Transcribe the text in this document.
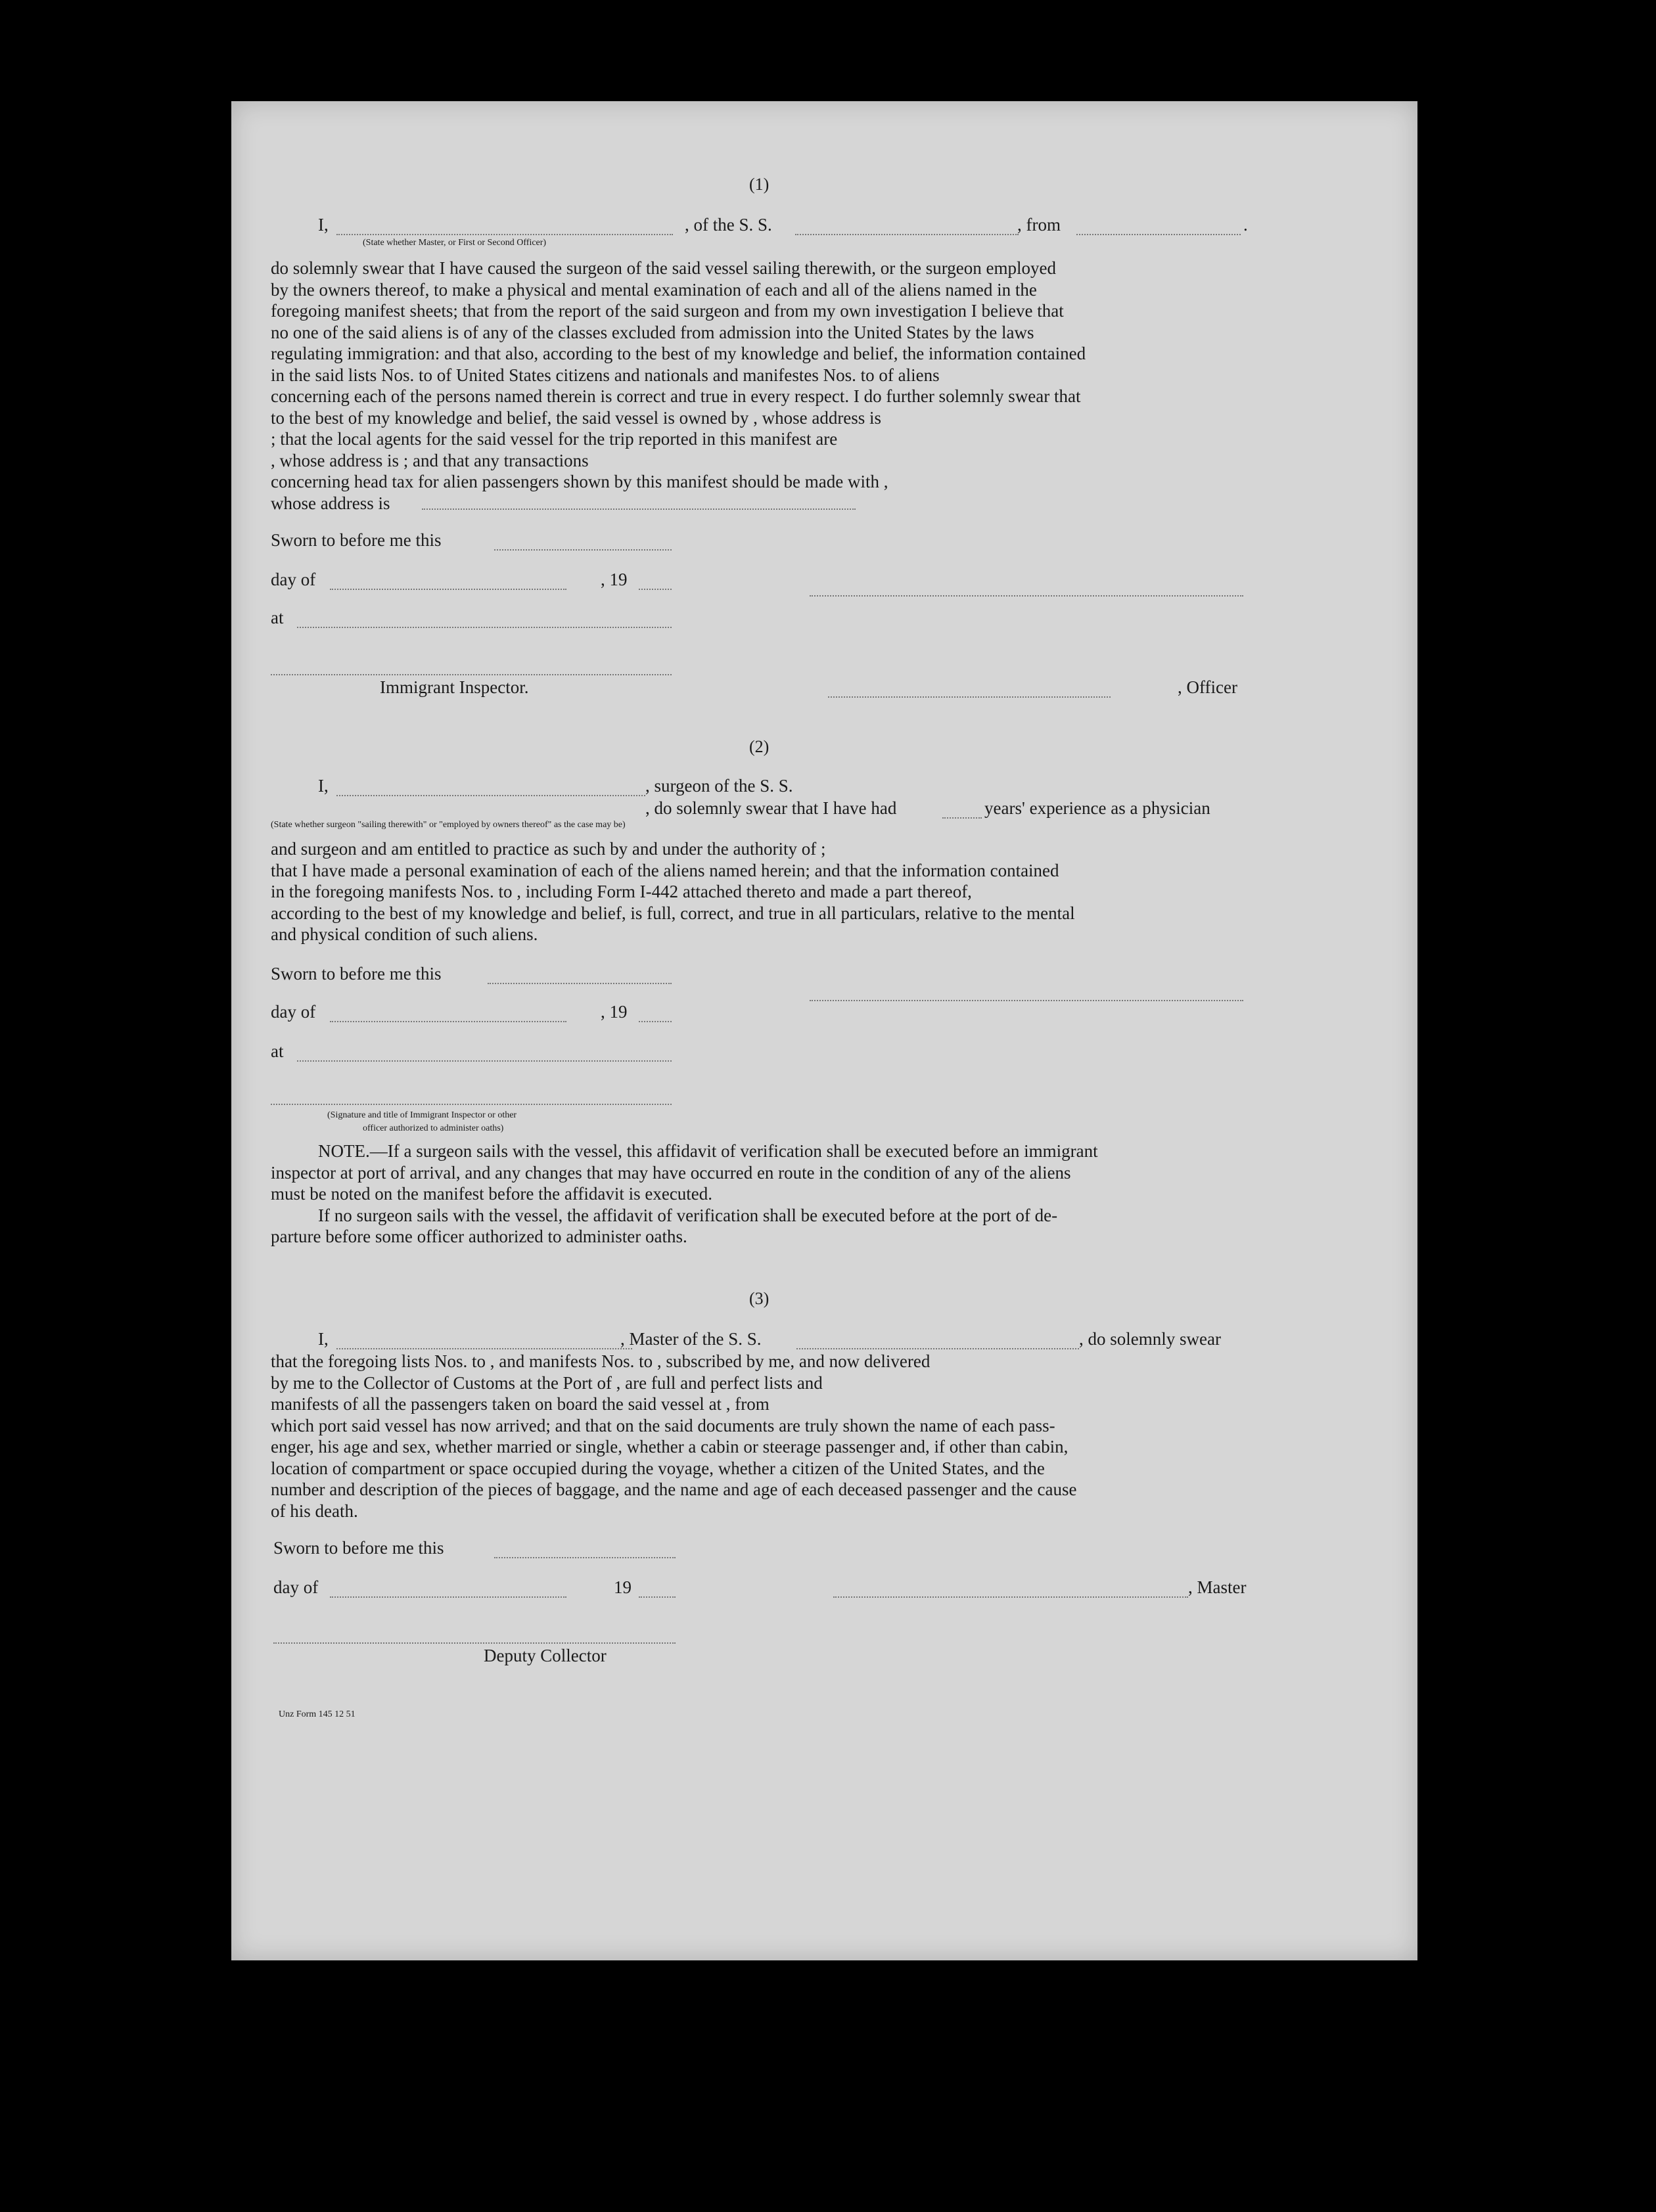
(1)
I,	, of the S. S.	, from	.
(State whether Master, or First or Second Officer)
do solemnly swear that I have caused the surgeon of the said vessel sailing therewith, or the surgeon employed
by the owners thereof, to make a physical and mental examination of each and all of the aliens named in the
foregoing manifest sheets; that from the report of the said surgeon and from my own investigation I believe that
no one of the said aliens is of any of the classes excluded from admission into the United States by the laws
regulating immigration: and that also, according to the best of my knowledge and belief, the information contained
in the said lists Nos. to of United States citizens and nationals and manifestes Nos. to of aliens
concerning each of the persons named therein is correct and true in every respect. I do further solemnly swear that
to the best of my knowledge and belief, the said vessel is owned by , whose address is
; that the local agents for the said vessel for the trip reported in this manifest are
, whose address is ; and that any transactions
concerning head tax for alien passengers shown by this manifest should be made with ,
whose address is
Sworn to before me this
day of	, 19
at
Immigrant Inspector.	, Officer
(2)
I,	, surgeon of the S. S.
, do solemnly swear that I have had	years' experience as a physician
(State whether surgeon "sailing therewith" or "employed by owners thereof" as the case may be)
and surgeon and am entitled to practice as such by and under the authority of ;
that I have made a personal examination of each of the aliens named herein; and that the information contained
in the foregoing manifests Nos. to , including Form I-442 attached thereto and made a part thereof,
according to the best of my knowledge and belief, is full, correct, and true in all particulars, relative to the mental
and physical condition of such aliens.
Sworn to before me this
day of	, 19
at
(Signature and title of Immigrant Inspector or other
officer authorized to administer oaths)
NOTE.—If a surgeon sails with the vessel, this affidavit of verification shall be executed before an immigrant
inspector at port of arrival, and any changes that may have occurred en route in the condition of any of the aliens
must be noted on the manifest before the affidavit is executed.
If no surgeon sails with the vessel, the affidavit of verification shall be executed before at the port of de-
parture before some officer authorized to administer oaths.
(3)
I,	, Master of the S. S.	, do solemnly swear
that the foregoing lists Nos. to , and manifests Nos. to , subscribed by me, and now delivered
by me to the Collector of Customs at the Port of , are full and perfect lists and
manifests of all the passengers taken on board the said vessel at , from
which port said vessel has now arrived; and that on the said documents are truly shown the name of each pass-
enger, his age and sex, whether married or single, whether a cabin or steerage passenger and, if other than cabin,
location of compartment or space occupied during the voyage, whether a citizen of the United States, and the
number and description of the pieces of baggage, and the name and age of each deceased passenger and the cause
of his death.
Sworn to before me this
day of	19	, Master
Deputy Collector
Unz Form 145 12 51
